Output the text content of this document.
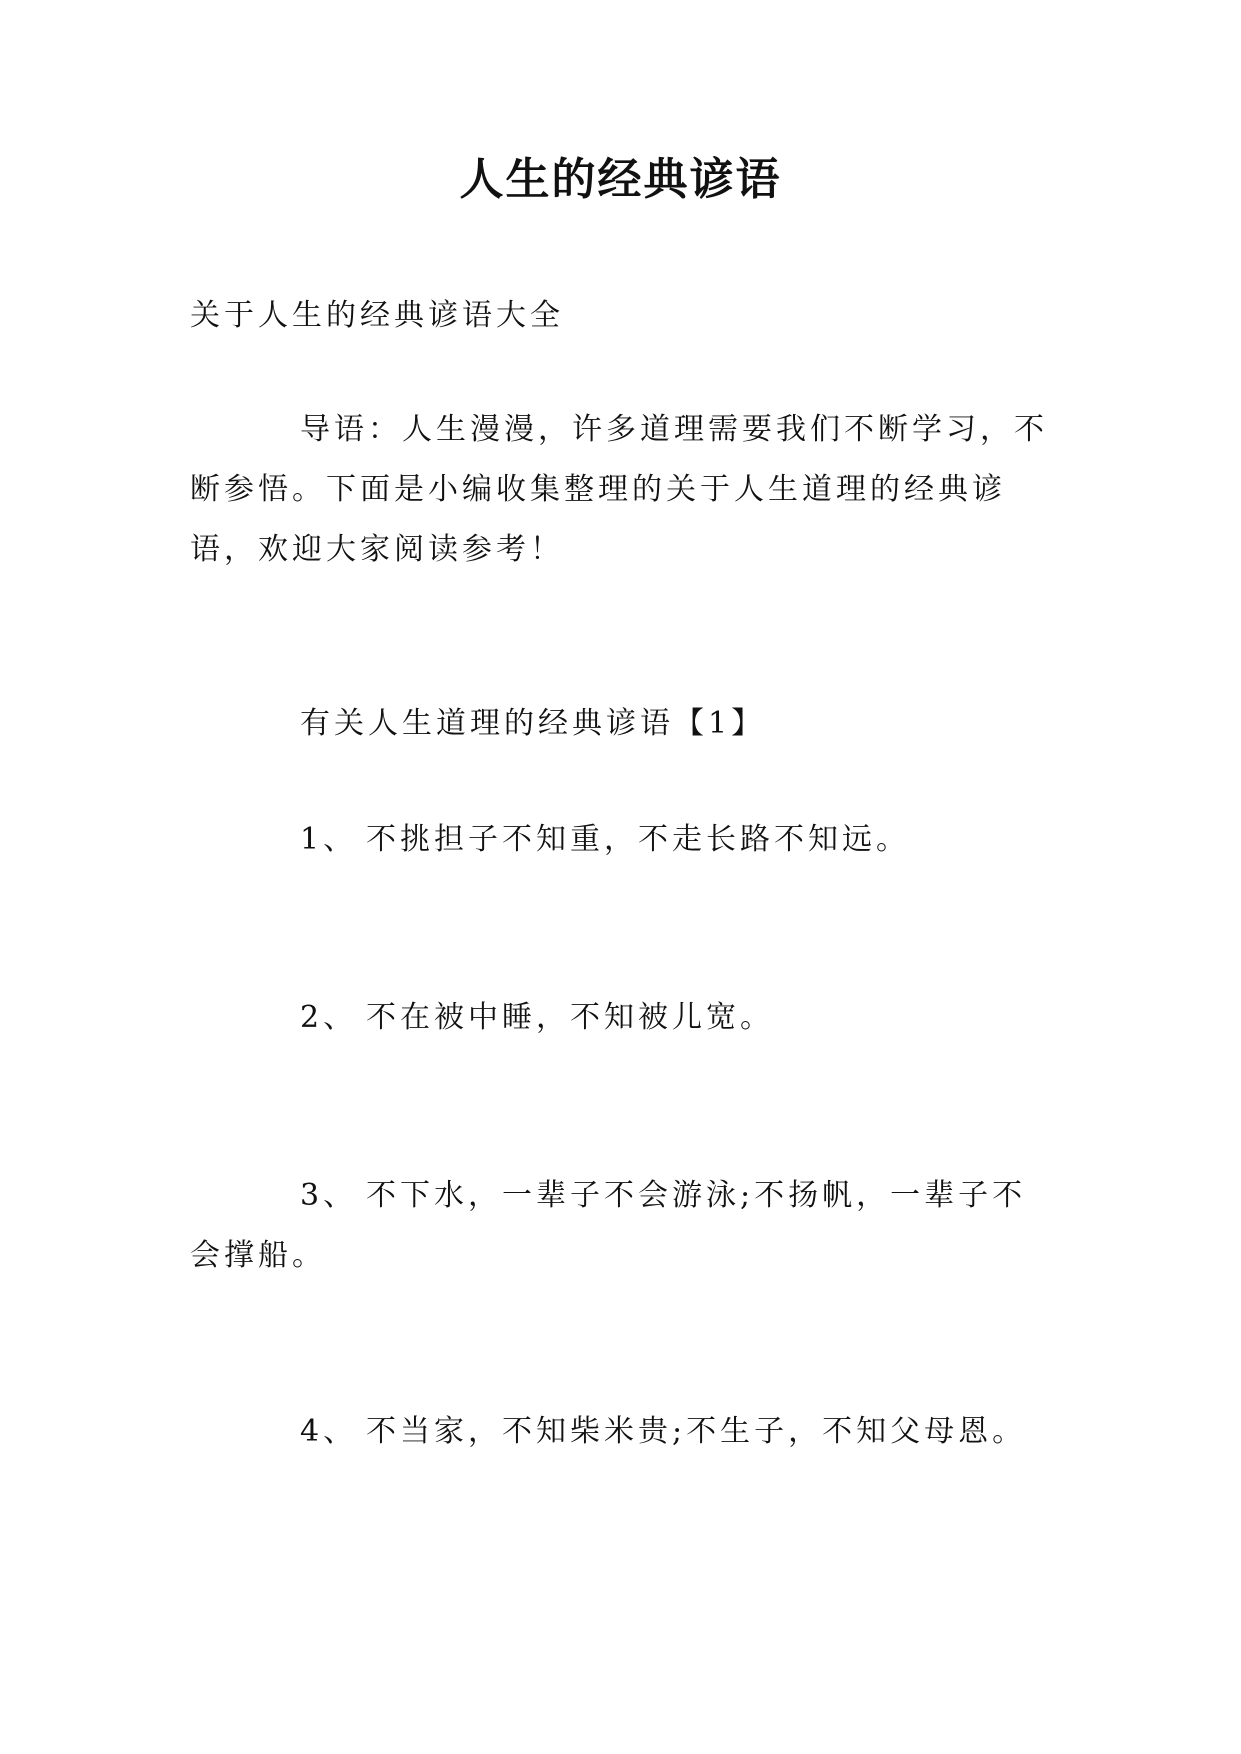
人生的经典谚语
关于人生的经典谚语大全
导语：人生漫漫，许多道理需要我们不断学习，不断参悟。下面是小编收集整理的关于人生道理的经典谚语，欢迎大家阅读参考！
有关人生道理的经典谚语【1】
1、 不挑担子不知重，不走长路不知远。
2、 不在被中睡，不知被儿宽。
3、 不下水，一辈子不会游泳;不扬帆，一辈子不会撑船。
4、 不当家，不知柴米贵;不生子，不知父母恩。
